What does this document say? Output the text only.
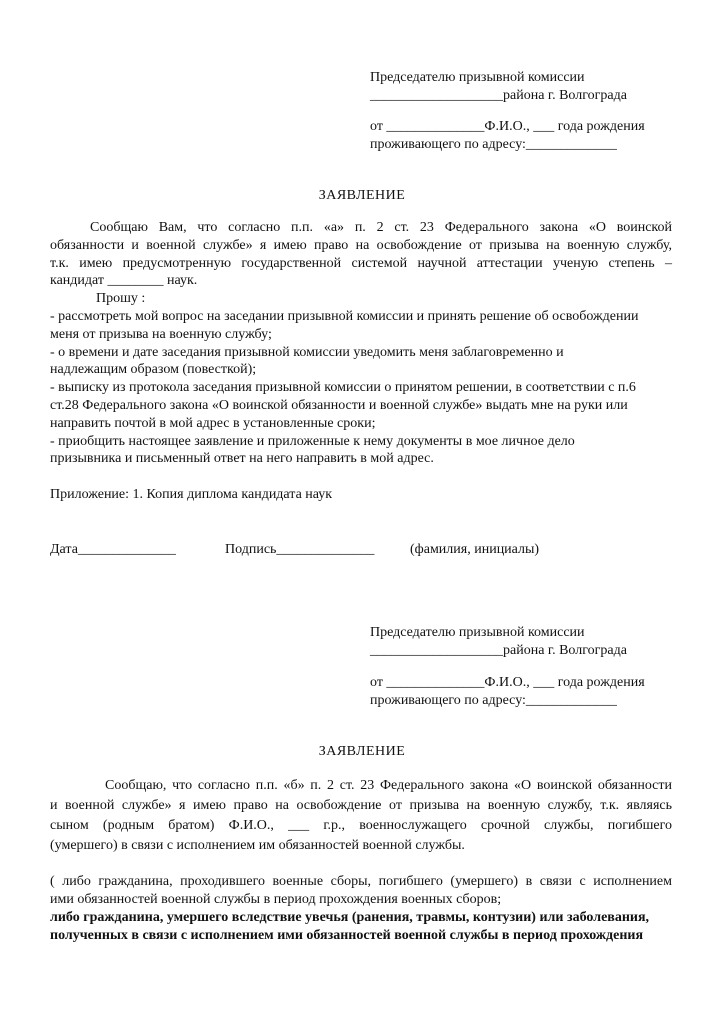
Председателю призывной комиссии
___________________района г. Волгограда
от ______________Ф.И.О., ___ года рождения
проживающего по адресу:_____________
ЗАЯВЛЕНИЕ
Сообщаю Вам, что согласно п.п. «а» п. 2 ст. 23 Федерального закона «О воинской
обязанности и военной службе» я имею право на освобождение от призыва на военную службу,
т.к. имею предусмотренную государственной системой научной аттестации ученую степень –
кандидат ________ наук.
Прошу :
- рассмотреть мой вопрос на заседании призывной комиссии и принять решение об освобождении
меня от призыва на военную службу;
- о времени и дате заседания призывной комиссии уведомить меня заблаговременно и
надлежащим образом (повесткой);
- выписку из протокола заседания призывной комиссии о принятом решении, в соответствии с п.6
ст.28 Федерального закона «О воинской обязанности и военной службе» выдать мне на руки или
направить почтой в мой адрес в установленные сроки;
- приобщить настоящее заявление и приложенные к нему документы в мое личное дело
призывника и письменный ответ на него направить в мой адрес.
Приложение: 1. Копия диплома кандидата наук
Дата______________	Подпись______________	(фамилия, инициалы)
Председателю призывной комиссии
___________________района г. Волгограда
от ______________Ф.И.О., ___ года рождения
проживающего по адресу:_____________
ЗАЯВЛЕНИЕ
Сообщаю, что согласно п.п. «б» п. 2 ст. 23 Федерального закона «О воинской обязанности
и военной службе» я имею право на освобождение от призыва на военную службу, т.к. являясь
сыном (родным братом) Ф.И.О., ___ г.р., военнослужащего срочной службы, погибшего
(умершего) в связи с исполнением им обязанностей военной службы.
( либо гражданина, проходившего военные сборы, погибшего (умершего) в связи с исполнением
ими обязанностей военной службы в период прохождения военных сборов;
либо гражданина, умершего вследствие увечья (ранения, травмы, контузии) или заболевания,
полученных в связи с исполнением ими обязанностей военной службы в период прохождения
